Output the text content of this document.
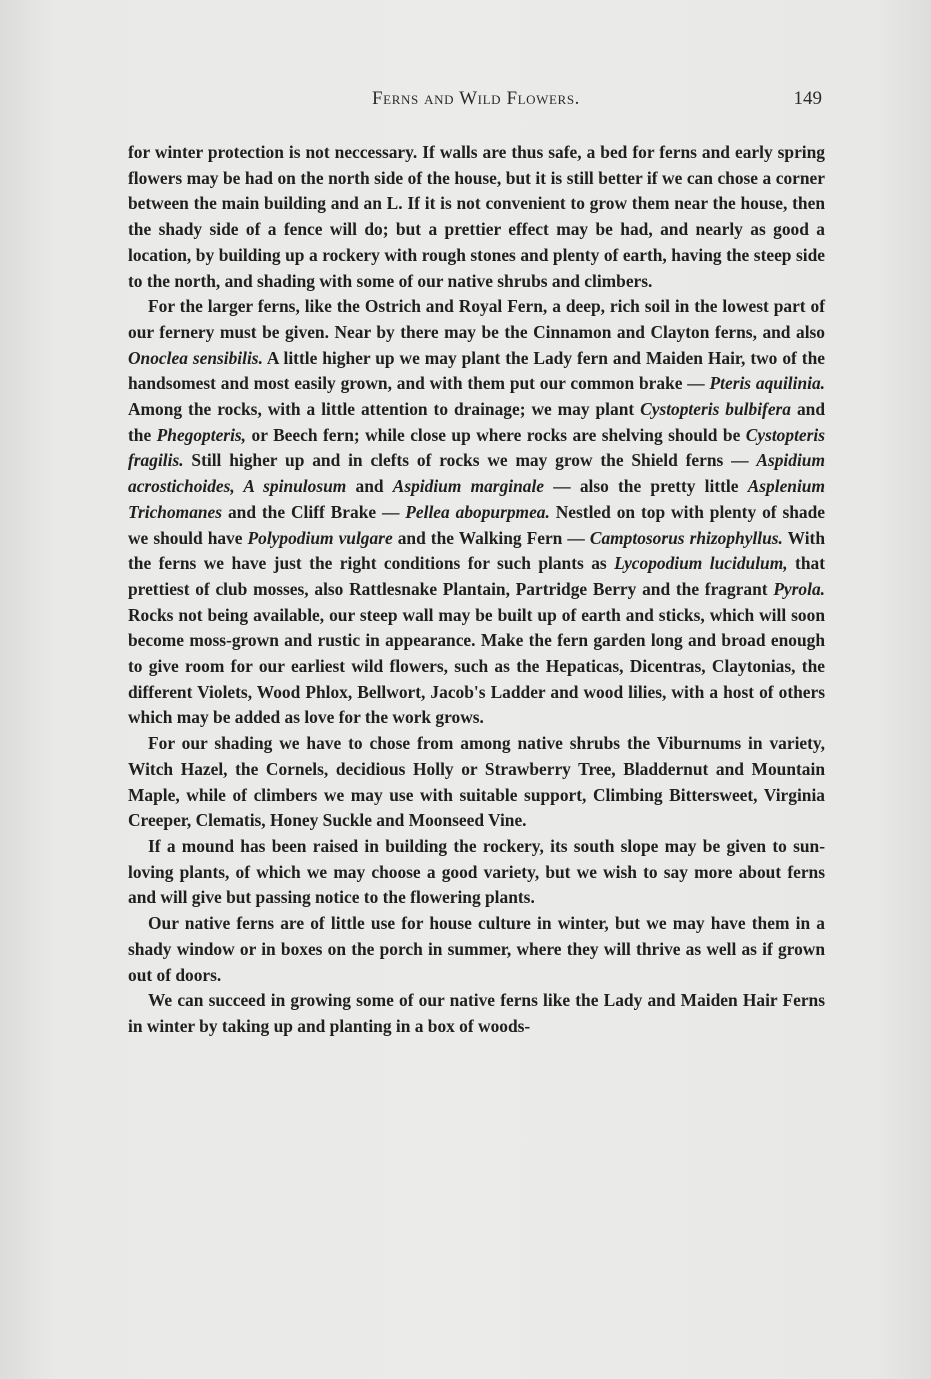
Ferns and Wild Flowers.	149

for winter protection is not neccessary. If walls are thus safe, a bed for ferns and early spring flowers may be had on the north side of the house, but it is still better if we can chose a corner between the main building and an L. If it is not convenient to grow them near the house, then the shady side of a fence will do; but a prettier effect may be had, and nearly as good a location, by building up a rockery with rough stones and plenty of earth, having the steep side to the north, and shading with some of our native shrubs and climbers.

For the larger ferns, like the Ostrich and Royal Fern, a deep, rich soil in the lowest part of our fernery must be given. Near by there may be the Cinnamon and Clayton ferns, and also Onoclea sensibilis. A little higher up we may plant the Lady fern and Maiden Hair, two of the handsomest and most easily grown, and with them put our common brake — Pteris aquilinia. Among the rocks, with a little attention to drainage; we may plant Cystopteris bulbifera and the Phegopteris, or Beech fern; while close up where rocks are shelving should be Cystopteris fragilis. Still higher up and in clefts of rocks we may grow the Shield ferns — Aspidium acrostichoides, A spinulosum and Aspidium marginale — also the pretty little Asplenium Trichomanes and the Cliff Brake — Pellea abopurpmea. Nestled on top with plenty of shade we should have Polypodium vulgare and the Walking Fern — Camptosorus rhizophyllus. With the ferns we have just the right conditions for such plants as Lycopodium lucidulum, that prettiest of club mosses, also Rattlesnake Plantain, Partridge Berry and the fragrant Pyrola. Rocks not being available, our steep wall may be built up of earth and sticks, which will soon become moss-grown and rustic in appearance. Make the fern garden long and broad enough to give room for our earliest wild flowers, such as the Hepaticas, Dicentras, Claytonias, the different Violets, Wood Phlox, Bellwort, Jacob's Ladder and wood lilies, with a host of others which may be added as love for the work grows.

For our shading we have to chose from among native shrubs the Viburnums in variety, Witch Hazel, the Cornels, decidious Holly or Strawberry Tree, Bladdernut and Mountain Maple, while of climbers we may use with suitable support, Climbing Bittersweet, Virginia Creeper, Clematis, Honey Suckle and Moonseed Vine.

If a mound has been raised in building the rockery, its south slope may be given to sun-loving plants, of which we may choose a good variety, but we wish to say more about ferns and will give but passing notice to the flowering plants.

Our native ferns are of little use for house culture in winter, but we may have them in a shady window or in boxes on the porch in summer, where they will thrive as well as if grown out of doors.

We can succeed in growing some of our native ferns like the Lady and Maiden Hair Ferns in winter by taking up and planting in a box of woods-
